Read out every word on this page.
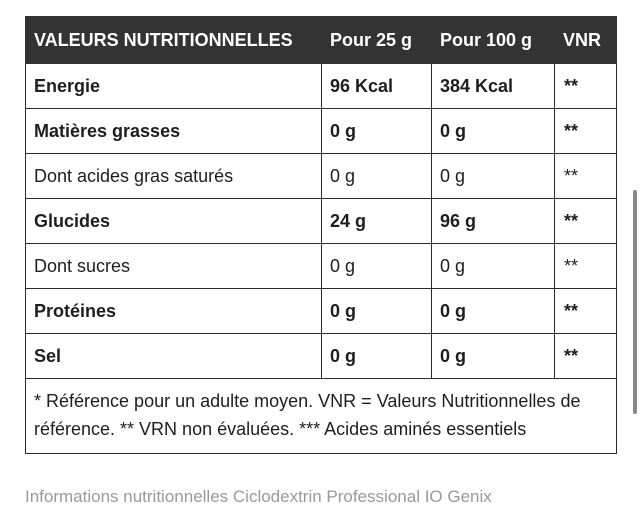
VALEURS NUTRITIONNELLES	Pour 25 g	Pour 100 g	VNR
Energie	96 Kcal	384 Kcal	**
Matières grasses	0 g	0 g	**
Dont acides gras saturés	0 g	0 g	**
Glucides	24 g	96 g	**
Dont sucres	0 g	0 g	**
Protéines	0 g	0 g	**
Sel	0 g	0 g	**
* Référence pour un adulte moyen. VNR = Valeurs Nutritionnelles de référence. ** VRN non évaluées. *** Acides aminés essentiels			
Informations nutritionnelles Ciclodextrin Professional IO Genix
